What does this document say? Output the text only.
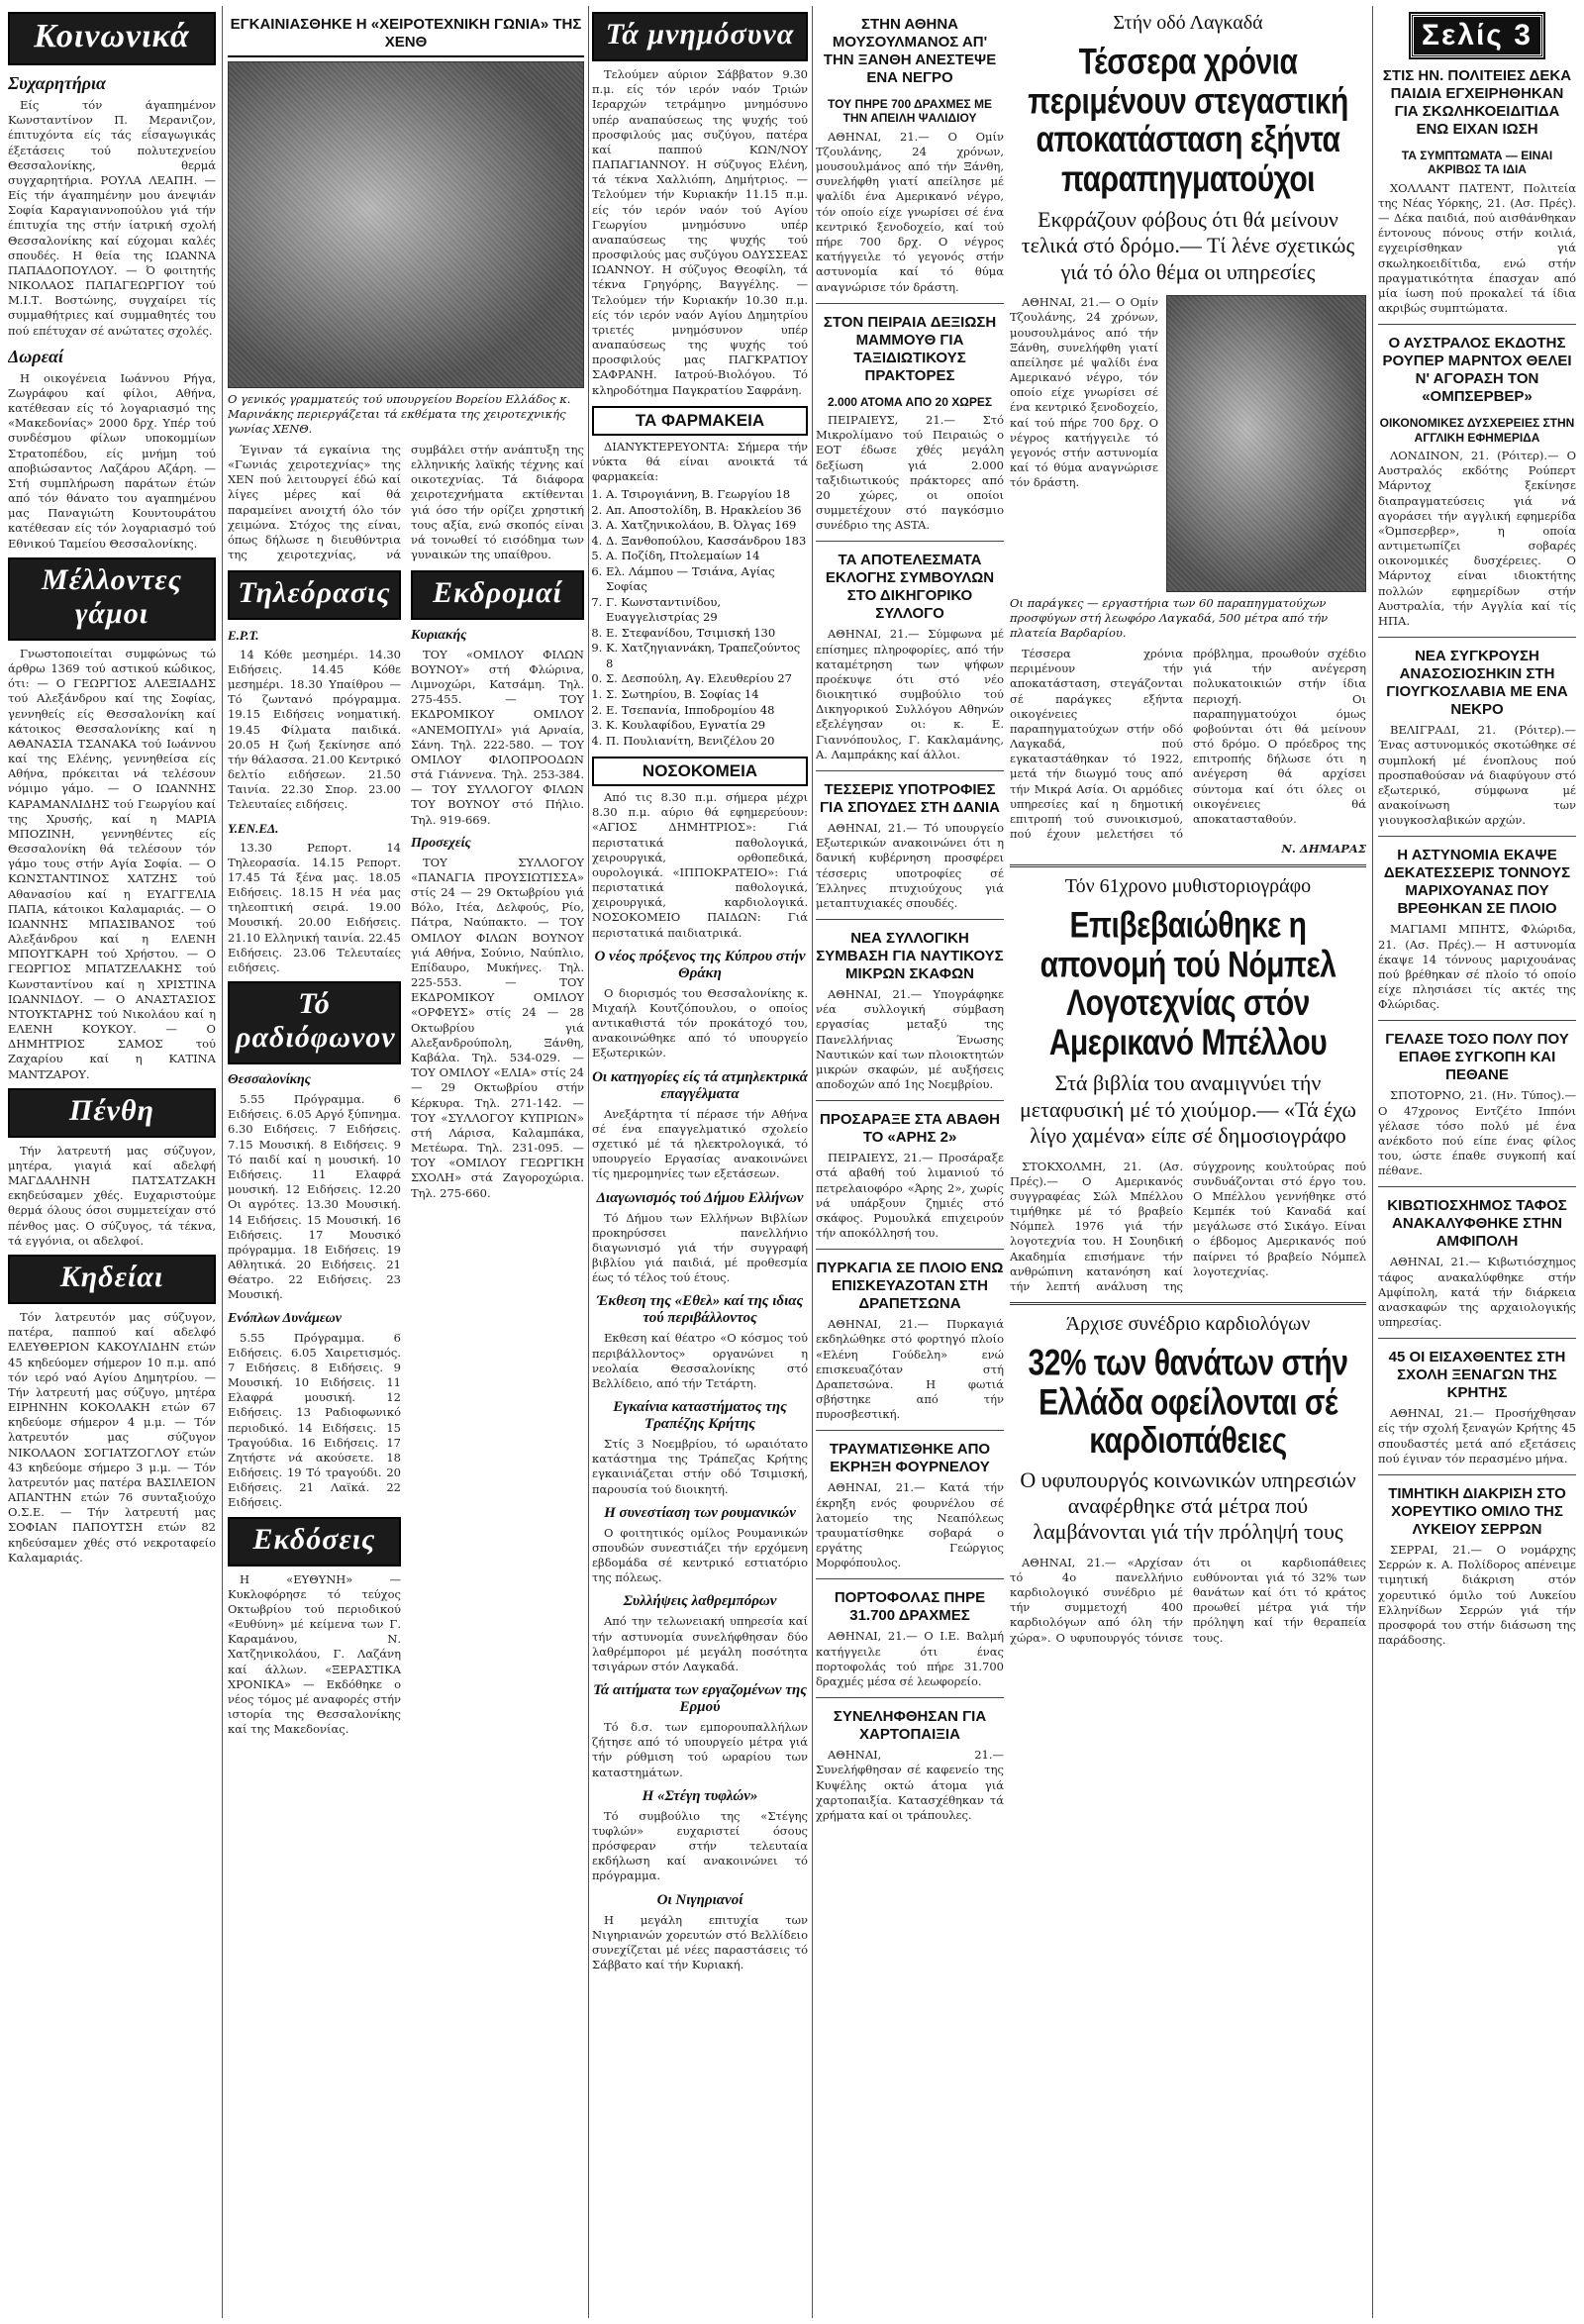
Κοινωνικά
Συχαρητήρια

Είς τόν άγαπημένον Κωνσταντίνον Π. Μερανιζον, έπιτυχόντα είς τάς εΐσαγωγικάς έξετάσεις τού πολυτεχνείου Θεσσαλονίκης, θερμά συγχαρητήρια. ΡΟΥΛΑ ΛΕΑΠΗ. — Είς τήν άγαπημένην μου άνεψιάν Σοφία Καραγιαννοπούλου γιά τήν έπιτυχία της στήν ίατρική σχολή Θεσσαλονίκης καί εύχομαι καλές σπουδές. Η θεία της ΙΩΑΝΝΑ ΠΑΠΑΔΟΠΟΥΛΟΥ. — Ό φοιτητής ΝΙΚΟΛΑΟΣ ΠΑΠΑΓΕΩΡΓΙΟΥ τού Μ.Ι.Τ. Βοστώνης, συγχαίρει τίς συμμαθήτριες καί συμμαθητές του πού επέτυχαν σέ ανώτατες σχολές.

Δωρεαί

Η οικογένεια Ιωάννου Ρήγα, Ζωγράφου καί φίλοι, Αθήνα, κατέθεσαν είς τό λογαριασμό της «Μακεδονίας» 2000 δρχ. Υπέρ τού συνδέσμου φίλων υποκομμίων Στρατοπέδου, είς μνήμη τού αποβιώσαντος Λαζάρου Αζάρη. — Στή συμπλήρωση παράτων έτών από τόν θάνατο του αγαπημένου μας Παναγιώτη Κουντουράτου κατέθεσαν είς τόν λογαριασμό τού Εθνικού Ταμείου Θεσσαλονίκης.

Μέλλοντες γάμοι

Γνωστοποιείται συμφώνως τώ άρθρω 1369 τού αστικού κώδικος, ότι: — Ο ΓΕΩΡΓΙΟΣ ΑΛΕΞΙΑΔΗΣ τού Αλεξάνδρου καί της Σοφίας, γεννηθείς είς Θεσσαλονίκη καί κάτοικος Θεσσαλονίκης καί η ΑΘΑΝΑΣΙΑ ΤΣΑΝΑΚΑ τού Ιωάννου καί της Ελένης, γεννηθείσα είς Αθήνα, πρόκειται νά τελέσουν νόμιμο γάμο. — Ο ΙΩΑΝΝΗΣ ΚΑΡΑΜΑΝΛΙΔΗΣ τού Γεωργίου καί της Χρυσής, καί η ΜΑΡΙΑ ΜΠΟΖΙΝΗ, γεννηθέντες είς Θεσσαλονίκη θά τελέσουν τόν γάμο τους στήν Αγία Σοφία. — Ο ΚΩΝΣΤΑΝΤΙΝΟΣ ΧΑΤΖΗΣ τού Αθανασίου καί η ΕΥΑΓΓΕΛΙΑ ΠΑΠΑ, κάτοικοι Καλαμαριάς. — Ο ΙΩΑΝΝΗΣ ΜΠΑΣΙΒΑΝΟΣ τού Αλεξάνδρου καί η ΕΛΕΝΗ ΜΠΟΥΓΚΑΡΗ τού Χρήστου. — Ο ΓΕΩΡΓΙΟΣ ΜΠΑΤΖΕΛΑΚΗΣ τού Κωνσταντίνου καί η ΧΡΙΣΤΙΝΑ ΙΩΑΝΝΙΔΟΥ. — Ο ΑΝΑΣΤΑΣΙΟΣ ΝΤΟΥΚΤΑΡΗΣ τού Νικολάου καί η ΕΛΕΝΗ ΚΟΥΚΟΥ. — Ο ΔΗΜΗΤΡΙΟΣ ΣΑΜΟΣ τού Ζαχαρίου καί η ΚΑΤΙΝΑ ΜΑΝΤΖΑΡΟΥ.

Πένθη

Τήν λατρευτή μας σύζυγον, μητέρα, γιαγιά καί αδελφή ΜΑΓΔΑΛΗΝΗ ΠΑΤΣΑΤΖΑΚΗ εκηδεύσαμεν χθές. Ευχαριστούμε θερμά όλους όσοι συμμετείχαν στό πένθος μας. Ο σύζυγος, τά τέκνα, τά εγγόνια, οι αδελφοί.

Κηδείαι

Τόν λατρευτόν μας σύζυγον, πατέρα, παππού καί αδελφό ΕΛΕΥΘΕΡΙΟΝ ΚΑΚΟΥΛΙΔΗΝ ετών 45 κηδεύομεν σήμερον 10 π.μ. από τόν ιερό ναό Αγίου Δημητρίου. — Τήν λατρευτή μας σύζυγο, μητέρα ΕΙΡΗΝΗΝ ΚΟΚΟΛΑΚΗ ετών 67 κηδεύομε σήμερον 4 μ.μ. — Τόν λατρευτόν μας σύζυγον ΝΙΚΟΛΑΟΝ ΣΟΓΙΑΤΖΟΓΛΟΥ ετών 43 κηδεύομε σήμερο 3 μ.μ. — Τόν λατρευτόν μας πατέρα ΒΑΣΙΛΕΙΟΝ ΑΠΑΝΤΗΝ ετών 76 συνταξιούχο Ο.Σ.Ε. — Τήν λατρευτή μας ΣΟΦΙΑΝ ΠΑΠΟΥΤΣΗ ετών 82 κηδεύσαμεν χθές στό νεκροταφείο Καλαμαριάς.

ΕΓΚΑΙΝΙΑΣΘΗΚΕ Η «ΧΕΙΡΟΤΕΧΝΙΚΗ ΓΩΝΙΑ» ΤΗΣ ΧΕΝΘ
Ο γενικός γραμματεύς τού υπουργείου Βορείου Ελλάδος κ. Μαρινάκης περιεργάζεται τά εκθέματα της χειροτεχνικής γωνίας ΧΕΝΘ.

Έγιναν τά εγκαίνια της «Γωνιάς χειροτεχνίας» της ΧΕΝ πού λειτουργεί έδώ καί λίγες μέρες καί θά παραμείνει ανοιχτή όλο τόν χειμώνα. Στόχος της είναι, όπως δήλωσε η διευθύντρια της χειροτεχνίας, νά συμβάλει στήν ανάπτυξη της ελληνικής λαϊκής τέχνης καί οικοτεχνίας. Τά διάφορα χειροτεχνήματα εκτίθενται γιά όσο τήν ορίζει χρηστική τους αξία, ενώ σκοπός είναι νά τονωθεί τό εισόδημα των γυναικών της υπαίθρου.

Τηλεόρασις
Ε.Ρ.Τ.

14 Κόθε μεσημέρι. 14.30 Ειδήσεις. 14.45 Κόθε μεσημέρι. 18.30 Υπαίθρου — Τό ζωντανό πρόγραμμα. 19.15 Ειδήσεις νοηματική. 19.45 Φίλματα παιδικά. 20.05 Η ζωή ξεκίνησε από τήν θάλασσα. 21.00 Κεντρικό δελτίο ειδήσεων. 21.50 Ταινία. 22.30 Σπορ. 23.00 Τελευταίες ειδήσεις.

Υ.ΕΝ.ΕΔ.

13.30 Ρεπορτ. 14 Τηλεορασία. 14.15 Ρεπορτ. 17.45 Τά ξένα μας. 18.05 Ειδήσεις. 18.15 Η νέα μας τηλεοπτική σειρά. 19.00 Μουσική. 20.00 Ειδήσεις. 21.10 Ελληνική ταινία. 22.45 Ειδήσεις. 23.06 Τελευταίες ειδήσεις.

Τό ραδιόφωνον
Θεσσαλονίκης

5.55 Πρόγραμμα. 6 Ειδήσεις. 6.05 Αργό ξύπνημα. 6.30 Ειδήσεις. 7 Ειδήσεις. 7.15 Μουσική. 8 Ειδήσεις. 9 Τό παιδί καί η μουσική. 10 Ειδήσεις. 11 Ελαφρά μουσική. 12 Ειδήσεις. 12.20 Οι αγρότες. 13.30 Μουσική. 14 Ειδήσεις. 15 Μουσική. 16 Ειδήσεις. 17 Μουσικό πρόγραμμα. 18 Ειδήσεις. 19 Αθλητικά. 20 Ειδήσεις. 21 Θέατρο. 22 Ειδήσεις. 23 Μουσική.

Ενόπλων Δυνάμεων

5.55 Πρόγραμμα. 6 Ειδήσεις. 6.05 Χαιρετισμός. 7 Ειδήσεις. 8 Ειδήσεις. 9 Μουσική. 10 Ειδήσεις. 11 Ελαφρά μουσική. 12 Ειδήσεις. 13 Ραδιοφωνικό περιοδικό. 14 Ειδήσεις. 15 Τραγούδια. 16 Ειδήσεις. 17 Ζητήστε νά ακούσετε. 18 Ειδήσεις. 19 Τό τραγούδι. 20 Ειδήσεις. 21 Λαϊκά. 22 Ειδήσεις.

Εκδόσεις

Η «ΕΥΘΥΝΗ» — Κυκλοφόρησε τό τεύχος Οκτωβρίου τού περιοδικού «Ευθύνη» μέ κείμενα των Γ. Καραμάνου, Ν. Χατζηνικολάου, Γ. Λαζάνη καί άλλων. «ΞΕΡΑΣΤΙΚΑ ΧΡΟΝΙΚΑ» — Εκδόθηκε ο νέος τόμος μέ αναφορές στήν ιστορία της Θεσσαλονίκης καί της Μακεδονίας.

Εκδρομαί
Κυριακής

ΤΟΥ «ΟΜΙΛΟΥ ΦΙΛΩΝ ΒΟΥΝΟΥ» στή Φλώρινα, Λιμνοχώρι, Κατσάμη. Τηλ. 275-455. — ΤΟΥ ΕΚΔΡΟΜΙΚΟΥ ΟΜΙΛΟΥ «ΑΝΕΜΟΠΥΛΙ» γιά Αρναία, Σάνη. Τηλ. 222-580. — ΤΟΥ ΟΜΙΛΟΥ ΦΙΛΟΠΡΟΟΔΩΝ στά Γιάννενα. Τηλ. 253-384. — ΤΟΥ ΣΥΛΛΟΓΟΥ ΦΙΛΩΝ ΤΟΥ ΒΟΥΝΟΥ στό Πήλιο. Τηλ. 919-669.

Προσεχείς

ΤΟΥ ΣΥΛΛΟΓΟΥ «ΠΑΝΑΓΙΑ ΠΡΟΥΣΙΩΤΙΣΣΑ» στίς 24 — 29 Οκτωβρίου γιά Βόλο, Ιτέα, Δελφούς, Ρίο, Πάτρα, Ναύπακτο. — ΤΟΥ ΟΜΙΛΟΥ ΦΙΛΩΝ ΒΟΥΝΟΥ γιά Αθήνα, Σούνιο, Ναύπλιο, Επίδαυρο, Μυκήνες. Τηλ. 225-553. — ΤΟΥ ΕΚΔΡΟΜΙΚΟΥ ΟΜΙΛΟΥ «ΟΡΦΕΥΣ» στίς 24 — 28 Οκτωβρίου γιά Αλεξανδρούπολη, Ξάνθη, Καβάλα. Τηλ. 534-029. — ΤΟΥ ΟΜΙΛΟΥ «ΕΛΙΑ» στίς 24 — 29 Οκτωβρίου στήν Κέρκυρα. Τηλ. 271-142. — ΤΟΥ «ΣΥΛΛΟΓΟΥ ΚΥΠΡΙΩΝ» στή Λάρισα, Καλαμπάκα, Μετέωρα. Τηλ. 231-095. — ΤΟΥ «ΟΜΙΛΟΥ ΓΕΩΡΓΙΚΗ ΣΧΟΛΗ» στά Ζαγοροχώρια. Τηλ. 275-660.

Τά μνημόσυνα

Τελούμεν αύριον Σάββατον 9.30 π.μ. είς τόν ιερόν ναόν Τριών Ιεραρχών τετράμηνο μνημόσυνο υπέρ αναπαύσεως της ψυχής τού προσφιλούς μας συζύγου, πατέρα καί παππού ΚΩΝ/ΝΟΥ ΠΑΠΑΓΙΑΝΝΟΥ. Η σύζυγος Ελένη, τά τέκνα Χαλλιόπη, Δημήτριος. — Τελούμεν τήν Κυριακήν 11.15 π.μ. είς τόν ιερόν ναόν τού Αγίου Γεωργίου μνημόσυνο υπέρ αναπαύσεως της ψυχής τού προσφιλούς μας συζύγου ΟΔΥΣΣΕΑΣ ΙΩΑΝΝΟΥ. Η σύζυγος Θεοφίλη, τά τέκνα Γρηγόρης, Βαγγέλης. — Τελούμεν τήν Κυριακήν 10.30 π.μ. είς τόν ιερόν ναόν Αγίου Δημητρίου τριετές μνημόσυνον υπέρ αναπαύσεως της ψυχής τού προσφιλούς μας ΠΑΓΚΡΑΤΙΟΥ ΣΑΦΡΑΝΗ. Ιατρού-Βιολόγου. Τό κληροδότημα Παγκρατίου Σαφράνη.

ΤΑ ΦΑΡΜΑΚΕΙΑ

ΔΙΑΝΥΚΤΕΡΕΥΟΝΤΑ: Σήμερα τήν νύκτα θά είναι ανοικτά τά φαρμακεία:

1. Α. Τσιρογιάννη, Β. Γεωργίου 18
2. Απ. Αποστολίδη, Β. Ηρακλείου 36
3. Α. Χατζηνικολάου, Β. Όλγας 169
4. Δ. Ξανθοπούλου, Κασσάνδρου 183
5. Α. Ποζίδη, Πτολεμαίων 14
6. Ελ. Λάμπου — Τσιάνα, Αγίας Σοφίας
7. Γ. Κωνσταντινίδου, Ευαγγελιστρίας 29
8. Ε. Στεφανίδου, Τσιμισκή 130
9. Κ. Χατζηγιαννάκη, Τραπεζούντος 8
10. Σ. Δεσπούλη, Αγ. Ελευθερίου 27
11. Σ. Σωτηρίου, Β. Σοφίας 14
12. Ε. Τσεπανία, Ιπποδρομίου 48
13. Κ. Κουλαφίδου, Εγνατία 29
14. Π. Πουλιανίτη, Βενιζέλου 20
ΝΟΣΟΚΟΜΕΙΑ

Από τις 8.30 π.μ. σήμερα μέχρι 8.30 π.μ. αύριο θά εφημερεύουν: «ΑΓΙΟΣ ΔΗΜΗΤΡΙΟΣ»: Γιά περιστατικά παθολογικά, χειρουργικά, ορθοπεδικά, ουρολογικά. «ΙΠΠΟΚΡΑΤΕΙΟ»: Γιά περιστατικά παθολογικά, χειρουργικά, καρδιολογικά. ΝΟΣΟΚΟΜΕΙΟ ΠΑΙΔΩΝ: Γιά περιστατικά παιδιατρικά.

Ο νέος πρόξενος της Κύπρου στήν Θράκη

Ο διορισμός του Θεσσαλονίκης κ. Μιχαήλ Κουτζόπουλου, ο οποίος αντικαθιστά τόν προκάτοχό του, ανακοινώθηκε από τό υπουργείο Εξωτερικών.

Οι κατηγορίες είς τά ατμηλεκτρικά επαγγέλματα

Ανεξάρτητα τί πέρασε τήν Αθήνα σέ ένα επαγγελματικό σχολείο σχετικό μέ τά ηλεκτρολογικά, τό υπουργείο Εργασίας ανακοινώνει τίς ημερομηνίες των εξετάσεων.

Διαγωνισμός τού Δήμου Ελλήνων

Τό Δήμου των Ελλήνων Βιβλίων προκηρύσσει πανελλήνιο διαγωνισμό γιά τήν συγγραφή βιβλίου γιά παιδιά, μέ προθεσμία έως τό τέλος τού έτους.

Έκθεση της «Εθελ» καί της ιδιας τού περιβάλλοντος

Εκθεση καί θέατρο «Ο κόσμος τού περιβάλλοντος» οργανώνει η νεολαία Θεσσαλονίκης στό Βελλίδειο, από τήν Τετάρτη.

Εγκαίνια καταστήματος της Τραπέζης Κρήτης

Στίς 3 Νοεμβρίου, τό ωραιότατο κατάστημα της Τράπεζας Κρήτης εγκαινιάζεται στήν οδό Τσιμισκή, παρουσία τού διοικητή.

Η συνεστίαση των ρουμανικών

Ο φοιτητικός ομίλος Ρουμανικών σπουδών συνεστιάζει τήν ερχόμενη εβδομάδα σέ κεντρικό εστιατόριο της πόλεως.

Συλλήψεις λαθρεμπόρων

Από την τελωνειακή υπηρεσία καί τήν αστυνομία συνελήφθησαν δύο λαθρέμποροι μέ μεγάλη ποσότητα τσιγάρων στόν Λαγκαδά.

Τά αιτήματα των εργαζομένων της Ερμού

Τό δ.σ. των εμπορουπαλλήλων ζήτησε από τό υπουργείο μέτρα γιά τήν ρύθμιση τού ωραρίου των καταστημάτων.

Η «Στέγη τυφλών»

Τό συμβούλιο της «Στέγης τυφλών» ευχαριστεί όσους πρόσφεραν στήν τελευταία εκδήλωση καί ανακοινώνει τό πρόγραμμα.

Οι Νιγηριανοί

Η μεγάλη επιτυχία των Νιγηριανών χορευτών στό Βελλίδειο συνεχίζεται μέ νέες παραστάσεις τό Σάββατο καί τήν Κυριακή.

ΣΤΗΝ ΑΘΗΝΑ ΜΟΥΣΟΥΛΜΑΝΟΣ ΑΠ' ΤΗΝ ΞΑΝΘΗ ΑΝΕΣΤΕΨΕ ΕΝΑ ΝΕΓΡΟ
ΤΟΥ ΠΗΡΕ 700 ΔΡΑΧΜΕΣ ΜΕ ΤΗΝ ΑΠΕΙΛΗ ΨΑΛΙΔΙΟΥ

ΑΘΗΝΑΙ, 21.— Ο Ομίν Τζουλάνης, 24 χρόνων, μουσουλμάνος από τήν Ξάνθη, συνελήφθη γιατί απείλησε μέ ψαλίδι ένα Αμερικανό νέγρο, τόν οποίο είχε γνωρίσει σέ ένα κεντρικό ξενοδοχείο, καί τού πήρε 700 δρχ. Ο νέγρος κατήγγειλε τό γεγονός στήν αστυνομία καί τό θύμα αναγνώρισε τόν δράστη.

ΣΤΟΝ ΠΕΙΡΑΙΑ ΔΕΞΙΩΣΗ ΜΑΜΜΟΥΘ ΓΙΑ ΤΑΞΙΔΙΩΤΙΚΟΥΣ ΠΡΑΚΤΟΡΕΣ
2.000 ΑΤΟΜΑ ΑΠΟ 20 ΧΩΡΕΣ

ΠΕΙΡΑΙΕΥΣ, 21.— Στό Μικρολίμανο τού Πειραιώς ο ΕΟΤ έδωσε χθές μεγάλη δεξίωση γιά 2.000 ταξιδιωτικούς πράκτορες από 20 χώρες, οι οποίοι συμμετέχουν στό παγκόσμιο συνέδριο της ASTA.

ΤΑ ΑΠΟΤΕΛΕΣΜΑΤΑ ΕΚΛΟΓΗΣ ΣΥΜΒΟΥΛΩΝ ΣΤΟ ΔΙΚΗΓΟΡΙΚΟ ΣΥΛΛΟΓΟ

ΑΘΗΝΑΙ, 21.— Σύμφωνα μέ επίσημες πληροφορίες, από τήν καταμέτρηση των ψήφων προέκυψε ότι στό νέο διοικητικό συμβούλιο τού Δικηγορικού Συλλόγου Αθηνών εξελέγησαν οι: κ. Ε. Γιαννόπουλος, Γ. Κακλαμάνης, Α. Λαμπράκης καί άλλοι.

ΤΕΣΣΕΡΙΣ ΥΠΟΤΡΟΦΙΕΣ ΓΙΑ ΣΠΟΥΔΕΣ ΣΤΗ ΔΑΝΙΑ

ΑΘΗΝΑΙ, 21.— Τό υπουργείο Εξωτερικών ανακοινώνει ότι η δανική κυβέρνηση προσφέρει τέσσερις υποτροφίες σέ Έλληνες πτυχιούχους γιά μεταπτυχιακές σπουδές.

ΝΕΑ ΣΥΛΛΟΓΙΚΗ ΣΥΜΒΑΣΗ ΓΙΑ ΝΑΥΤΙΚΟΥΣ ΜΙΚΡΩΝ ΣΚΑΦΩΝ

ΑΘΗΝΑΙ, 21.— Υπογράφηκε νέα συλλογική σύμβαση εργασίας μεταξύ της Πανελλήνιας Ένωσης Ναυτικών καί των πλοιοκτητών μικρών σκαφών, μέ αυξήσεις αποδοχών από 1ης Νοεμβρίου.

ΠΡΟΣΑΡΑΞΕ ΣΤΑ ΑΒΑΘΗ ΤΟ «ΑΡΗΣ 2»

ΠΕΙΡΑΙΕΥΣ, 21.— Προσάραξε στά αβαθή τού λιμανιού τό πετρελαιοφόρο «Άρης 2», χωρίς νά υπάρξουν ζημιές στό σκάφος. Ρυμουλκά επιχειρούν τήν αποκόλλησή του.

ΠΥΡΚΑΓΙΑ ΣΕ ΠΛΟΙΟ ΕΝΩ ΕΠΙΣΚΕΥΑΖΟΤΑΝ ΣΤΗ ΔΡΑΠΕΤΣΩΝΑ

ΑΘΗΝΑΙ, 21.— Πυρκαγιά εκδηλώθηκε στό φορτηγό πλοίο «Ελένη Γούδελη» ενώ επισκευαζόταν στή Δραπετσώνα. Η φωτιά σβήστηκε από τήν πυροσβεστική.

ΤΡΑΥΜΑΤΙΣΘΗΚΕ ΑΠΟ ΕΚΡΗΞΗ ΦΟΥΡΝΕΛΟΥ

ΑΘΗΝΑΙ, 21.— Κατά τήν έκρηξη ενός φουρνέλου σέ λατομείο της Νεαπόλεως τραυματίσθηκε σοβαρά ο εργάτης Γεώργιος Μορφόπουλος.

ΠΟΡΤΟΦΟΛΑΣ ΠΗΡΕ 31.700 ΔΡΑΧΜΕΣ

ΑΘΗΝΑΙ, 21.— Ο Ι.Ε. Βαλμή κατήγγειλε ότι ένας πορτοφολάς τού πήρε 31.700 δραχμές μέσα σέ λεωφορείο.

ΣΥΝΕΛΗΦΘΗΣΑΝ ΓΙΑ ΧΑΡΤΟΠΑΙΞΙΑ

ΑΘΗΝΑΙ, 21.— Συνελήφθησαν σέ καφενείο της Κυψέλης οκτώ άτομα γιά χαρτοπαιξία. Κατασχέθηκαν τά χρήματα καί οι τράπουλες.

Στήν οδό Λαγκαδά
Τέσσερα χρόνια περιμένουν στεγαστική αποκατάσταση εξήντα παραπηγματούχοι
Εκφράζουν φόβους ότι θά μείνουν τελικά στό δρόμο.— Τί λένε σχετικώς γιά τό όλο θέμα οι υπηρεσίες

ΑΘΗΝΑΙ, 21.— Ο Ομίν Τζουλάνης, 24 χρόνων, μουσουλμάνος από τήν Ξάνθη, συνελήφθη γιατί απείλησε μέ ψαλίδι ένα Αμερικανό νέγρο, τόν οποίο είχε γνωρίσει σέ ένα κεντρικό ξενοδοχείο, καί τού πήρε 700 δρχ. Ο νέγρος κατήγγειλε τό γεγονός στήν αστυνομία καί τό θύμα αναγνώρισε τόν δράστη.

Οι παράγκες — εργαστήρια των 60 παραπηγματούχων προσφύγων στή λεωφόρο Λαγκαδά, 500 μέτρα από τήν πλατεία Βαρδαρίου.

Τέσσερα χρόνια περιμένουν τήν αποκατάσταση, στεγάζονται σέ παράγκες εξήντα οικογένειες παραπηγματούχων στήν οδό Λαγκαδά, πού εγκαταστάθηκαν τό 1922, μετά τήν διωγμό τους από τήν Μικρά Ασία. Οι αρμόδιες υπηρεσίες καί η δημοτική επιτροπή τού συνοικισμού, πού έχουν μελετήσει τό πρόβλημα, προωθούν σχέδιο γιά τήν ανέγερση πολυκατοικιών στήν ίδια περιοχή. Οι παραπηγματούχοι όμως φοβούνται ότι θά μείνουν στό δρόμο. Ο πρόεδρος της επιτροπής δήλωσε ότι η ανέγερση θά αρχίσει σύντομα καί ότι όλες οι οικογένειες θά αποκατασταθούν.

Ν. ΔΗΜΑΡΑΣ
Τόν 61χρονο μυθιστοριογράφο
Επιβεβαιώθηκε η απονομή τού Νόμπελ Λογοτεχνίας στόν Αμερικανό Μπέλλου
Στά βιβλία του αναμιγνύει τήν μεταφυσική μέ τό χιούμορ.— «Τά έχω λίγο χαμένα» είπε σέ δημοσιογράφο

ΣΤΟΚΧΟΛΜΗ, 21. (Ασ. Πρές).— Ο Αμερικανός συγγραφέας Σώλ Μπέλλου τιμήθηκε μέ τό βραβείο Νόμπελ 1976 γιά τήν λογοτεχνία του. Η Σουηδική Ακαδημία επισήμανε τήν ανθρώπινη κατανόηση καί τήν λεπτή ανάλυση της σύγχρονης κουλτούρας πού συνδυάζονται στό έργο του. Ο Μπέλλου γεννήθηκε στό Κεμπέκ τού Καναδά καί μεγάλωσε στό Σικάγο. Είναι ο έβδομος Αμερικανός πού παίρνει τό βραβείο Νόμπελ λογοτεχνίας.

Άρχισε συνέδριο καρδιολόγων
32% των θανάτων στήν Ελλάδα οφείλονται σέ καρδιοπάθειες
Ο υφυπουργός κοινωνικών υπηρεσιών αναφέρθηκε στά μέτρα πού λαμβάνονται γιά τήν πρόληψή τους

ΑΘΗΝΑΙ, 21.— «Αρχίσαν τό 4ο πανελλήνιο καρδιολογικό συνέδριο μέ τήν συμμετοχή 400 καρδιολόγων από όλη τήν χώρα». Ο υφυπουργός τόνισε ότι οι καρδιοπάθειες ευθύνονται γιά τό 32% των θανάτων καί ότι τό κράτος προωθεί μέτρα γιά τήν πρόληψη καί τήν θεραπεία τους.

Σελίς 3
ΣΤΙΣ ΗΝ. ΠΟΛΙΤΕΙΕΣ ΔΕΚΑ ΠΑΙΔΙΑ ΕΓΧΕΙΡΗΘΗΚΑΝ ΓΙΑ ΣΚΩΛΗΚΟΕΙΔΙΤΙΔΑ ΕΝΩ ΕΙΧΑΝ ΙΩΣΗ
ΤΑ ΣΥΜΠΤΩΜΑΤΑ — ΕΙΝΑΙ ΑΚΡΙΒΩΣ ΤΑ ΙΔΙΑ

ΧΟΛΛΑΝΤ ΠΑΤΕΝΤ, Πολιτεία της Νέας Υόρκης, 21. (Ασ. Πρές).— Δέκα παιδιά, πού αισθάνθηκαν έντονους πόνους στήν κοιλιά, εγχειρίσθηκαν γιά σκωληκοειδίτιδα, ενώ στήν πραγματικότητα έπασχαν από μία ίωση πού προκαλεί τά ίδια ακριβώς συμπτώματα.

Ο ΑΥΣΤΡΑΛΟΣ ΕΚΔΟΤΗΣ ΡΟΥΠΕΡ ΜΑΡΝΤΟΧ ΘΕΛΕΙ Ν' ΑΓΟΡΑΣΗ ΤΟΝ «ΟΜΠΣΕΡΒΕΡ»
ΟΙΚΟΝΟΜΙΚΕΣ ΔΥΣΧΕΡΕΙΕΣ ΣΤΗΝ ΑΓΓΛΙΚΗ ΕΦΗΜΕΡΙΔΑ

ΛΟΝΔΙΝΟΝ, 21. (Ρόιτερ).— Ο Αυστραλός εκδότης Ρούπερτ Μάρντοχ ξεκίνησε διαπραγματεύσεις γιά νά αγοράσει τήν αγγλική εφημερίδα «Όμπσερβερ», η οποία αντιμετωπίζει σοβαρές οικονομικές δυσχέρειες. Ο Μάρντοχ είναι ιδιοκτήτης πολλών εφημερίδων στήν Αυστραλία, τήν Αγγλία καί τίς ΗΠΑ.

ΝΕΑ ΣΥΓΚΡΟΥΣΗ ΑΝΑΣΟΣΙΟΣΗΚΙΝ ΣΤΗ ΓΙΟΥΓΚΟΣΛΑΒΙΑ ΜΕ ΕΝΑ ΝΕΚΡΟ

ΒΕΛΙΓΡΑΔΙ, 21. (Ρόιτερ).— Ένας αστυνομικός σκοτώθηκε σέ συμπλοκή μέ ένοπλους πού προσπαθούσαν νά διαφύγουν στό εξωτερικό, σύμφωνα μέ ανακοίνωση των γιουγκοσλαβικών αρχών.

Η ΑΣΤΥΝΟΜΙΑ ΕΚΑΨΕ ΔΕΚΑΤΕΣΣΕΡΙΣ ΤΟΝΝΟΥΣ ΜΑΡΙΧΟΥΑΝΑΣ ΠΟΥ ΒΡΕΘΗΚΑΝ ΣΕ ΠΛΟΙΟ

ΜΑΓΙΑΜΙ ΜΠΗΤΣ, Φλώριδα, 21. (Ασ. Πρές).— Η αστυνομία έκαψε 14 τόννους μαριχουάνας πού βρέθηκαν σέ πλοίο τό οποίο είχε πλησιάσει τίς ακτές της Φλώριδας.

ΓΕΛΑΣΕ ΤΟΣΟ ΠΟΛΥ ΠΟΥ ΕΠΑΘΕ ΣΥΓΚΟΠΗ ΚΑΙ ΠΕΘΑΝΕ

ΣΠΟΤΟΡΝΟ, 21. (Ην. Τύπος).— Ο 47χρονος Εντζέτο Ιππόνι γέλασε τόσο πολύ μέ ένα ανέκδοτο πού είπε ένας φίλος του, ώστε έπαθε συγκοπή καί πέθανε.

ΚΙΒΩΤΙΟΣΧΗΜΟΣ ΤΑΦΟΣ ΑΝΑΚΑΛΥΦΘΗΚΕ ΣΤΗΝ ΑΜΦΙΠΟΛΗ

ΑΘΗΝΑΙ, 21.— Κιβωτιόσχημος τάφος ανακαλύφθηκε στήν Αμφίπολη, κατά τήν διάρκεια ανασκαφών της αρχαιολογικής υπηρεσίας.

45 ΟΙ ΕΙΣΑΧΘΕΝΤΕΣ ΣΤΗ ΣΧΟΛΗ ΞΕΝΑΓΩΝ ΤΗΣ ΚΡΗΤΗΣ

ΑΘΗΝΑΙ, 21.— Προσήχθησαν είς τήν σχολή ξεναγών Κρήτης 45 σπουδαστές μετά από εξετάσεις πού έγιναν τόν περασμένο μήνα.

ΤΙΜΗΤΙΚΗ ΔΙΑΚΡΙΣΗ ΣΤΟ ΧΟΡΕΥΤΙΚΟ ΟΜΙΛΟ ΤΗΣ ΛΥΚΕΙΟΥ ΣΕΡΡΩΝ

ΣΕΡΡΑΙ, 21.— Ο νομάρχης Σερρών κ. Α. Πολίδορος απένειμε τιμητική διάκριση στόν χορευτικό όμιλο τού Λυκείου Ελληνίδων Σερρών γιά τήν προσφορά του στήν διάσωση της παράδοσης.
